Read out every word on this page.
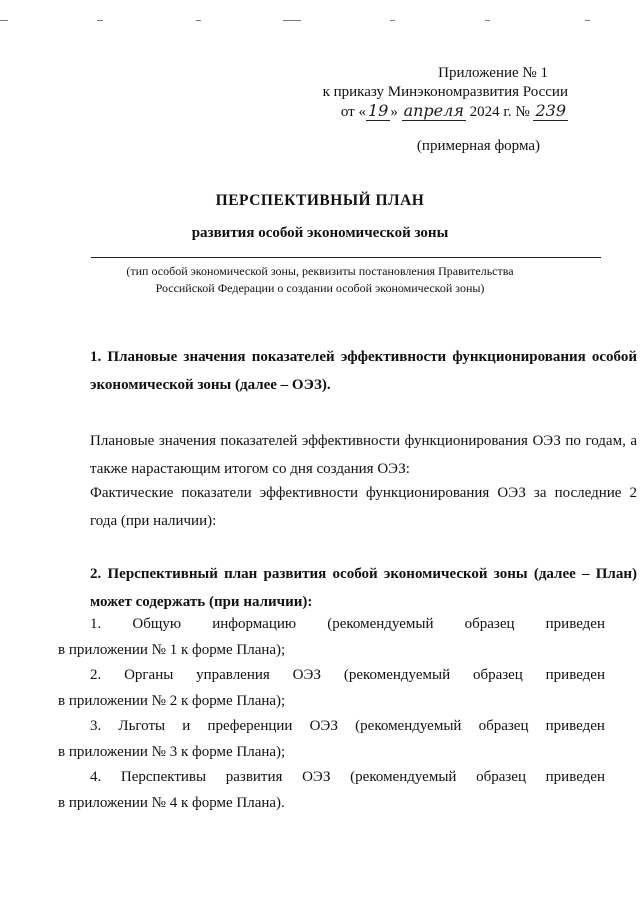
Приложение № 1
к приказу Минэкономразвития России
от « 19 » апреля 2024 г. № 239
(примерная форма)
ПЕРСПЕКТИВНЫЙ ПЛАН
развития особой экономической зоны
(тип особой экономической зоны, реквизиты постановления Правительства
Российской Федерации о создании особой экономической зоны)
1. Плановые значения показателей эффективности функционирования особой экономической зоны (далее – ОЭЗ).
Плановые значения показателей эффективности функционирования ОЭЗ по годам, а также нарастающим итогом со дня создания ОЭЗ:
Фактические показатели эффективности функционирования ОЭЗ за последние 2 года (при наличии):
2. Перспективный план развития особой экономической зоны (далее – План) может содержать (при наличии):
1. Общую информацию (рекомендуемый образец приведен
в приложении № 1 к форме Плана);
2. Органы управления ОЭЗ (рекомендуемый образец приведен
в приложении № 2 к форме Плана);
3. Льготы и преференции ОЭЗ (рекомендуемый образец приведен
в приложении № 3 к форме Плана);
4. Перспективы развития ОЭЗ (рекомендуемый образец приведен
в приложении № 4 к форме Плана).
